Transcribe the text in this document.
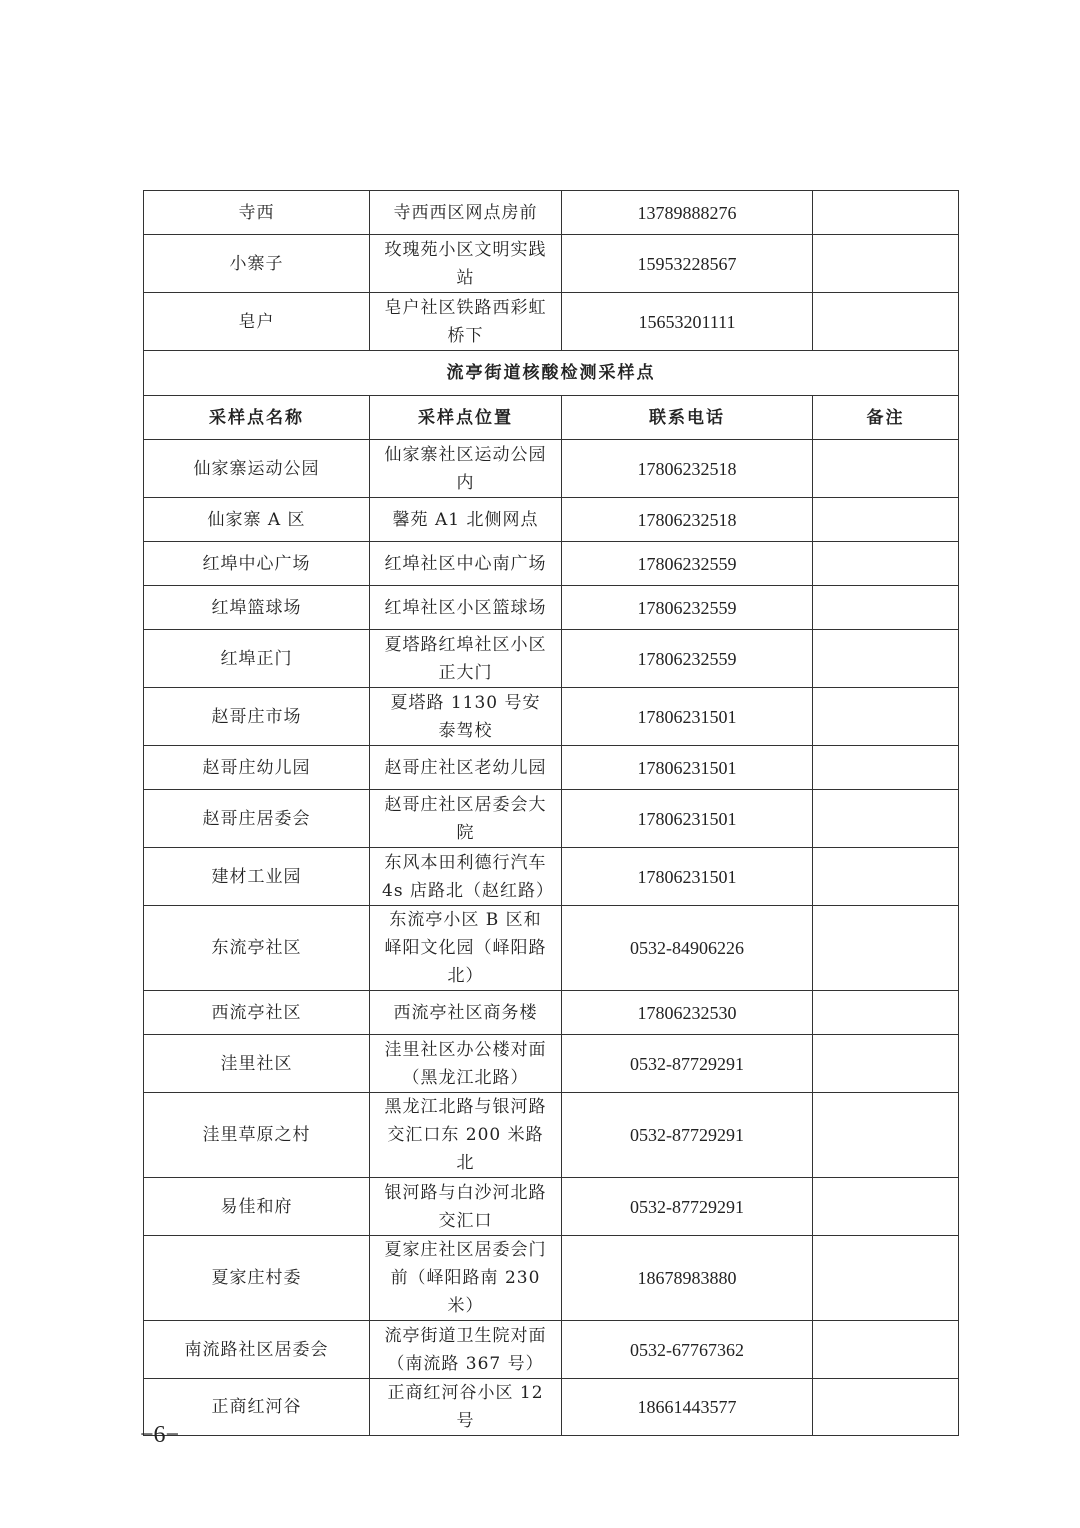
寺西	寺西西区网点房前	13789888276	
小寨子	玫瑰苑小区文明实践站	15953228567	
皂户	皂户社区铁路西彩虹桥下	15653201111	
流亭街道核酸检测采样点			
采样点名称	采样点位置	联系电话	备注
仙家寨运动公园	仙家寨社区运动公园内	17806232518	
仙家寨 A 区	馨苑 A1 北侧网点	17806232518	
红埠中心广场	红埠社区中心南广场	17806232559	
红埠篮球场	红埠社区小区篮球场	17806232559	
红埠正门	夏塔路红埠社区小区正大门	17806232559	
赵哥庄市场	夏塔路 1130 号安泰驾校	17806231501	
赵哥庄幼儿园	赵哥庄社区老幼儿园	17806231501	
赵哥庄居委会	赵哥庄社区居委会大院	17806231501	
建材工业园	东风本田利德行汽车4s 店路北（赵红路）	17806231501	
东流亭社区	东流亭小区 B 区和峄阳文化园（峄阳路北）	0532-84906226	
西流亭社区	西流亭社区商务楼	17806232530	
洼里社区	洼里社区办公楼对面（黑龙江北路）	0532-87729291	
洼里草原之村	黑龙江北路与银河路交汇口东 200 米路北	0532-87729291	
易佳和府	银河路与白沙河北路交汇口	0532-87729291	
夏家庄村委	夏家庄社区居委会门前（峄阳路南 230 米）	18678983880	
南流路社区居委会	流亭街道卫生院对面（南流路 367 号）	0532-67767362	
正商红河谷	正商红河谷小区 12 号	18661443577	
−6−
